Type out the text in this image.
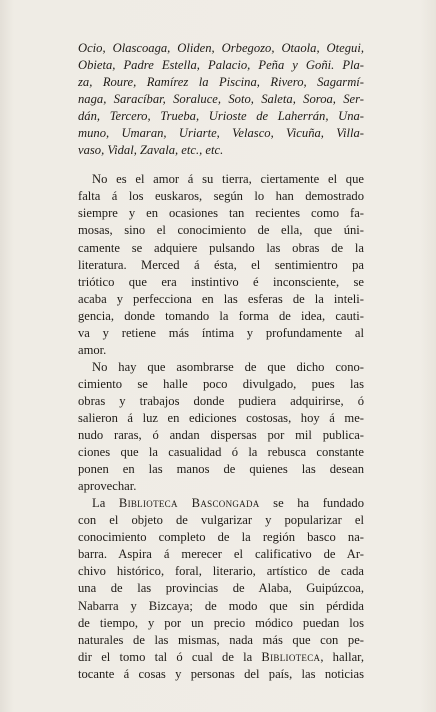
Ocio, Olascoaga, Oliden, Orbegozo, Otaola, Otegui,
Obieta, Padre Estella, Palacio, Peña y Goñi. Pla-
za, Roure, Ramírez la Piscina, Rivero, Sagarmí-
naga, Saracíbar, Soraluce, Soto, Saleta, Soroa, Ser-
dán, Tercero, Trueba, Urioste de Laherrán, Una-
muno, Umaran, Uriarte, Velasco, Vicuña, Villa-
vaso, Vidal, Zavala, etc., etc.
No es el amor á su tierra, ciertamente el que
falta á los euskaros, según lo han demostrado
siempre y en ocasiones tan recientes como fa-
mosas, sino el conocimiento de ella, que úni-
camente se adquiere pulsando las obras de la
literatura. Merced á ésta, el sentimientro pa
triótico que era instintivo é inconsciente, se
acaba y perfecciona en las esferas de la inteli-
gencia, donde tomando la forma de idea, cauti-
va y retiene más íntima y profundamente al
amor.
No hay que asombrarse de que dicho cono-
cimiento se halle poco divulgado, pues las
obras y trabajos donde pudiera adquirirse, ó
salieron á luz en ediciones costosas, hoy á me-
nudo raras, ó andan dispersas por mil publica-
ciones que la casualidad ó la rebusca constante
ponen en las manos de quienes las desean
aprovechar.
La Biblioteca Bascongada se ha fundado
con el objeto de vulgarizar y popularizar el
conocimiento completo de la región basco na-
barra. Aspira á merecer el calificativo de Ar-
chivo histórico, foral, literario, artístico de cada
una de las provincias de Alaba, Guipúzcoa,
Nabarra y Bizcaya; de modo que sin pérdida
de tiempo, y por un precio módico puedan los
naturales de las mismas, nada más que con pe-
dir el tomo tal ó cual de la Biblioteca, hallar,
tocante á cosas y personas del país, las noticias
